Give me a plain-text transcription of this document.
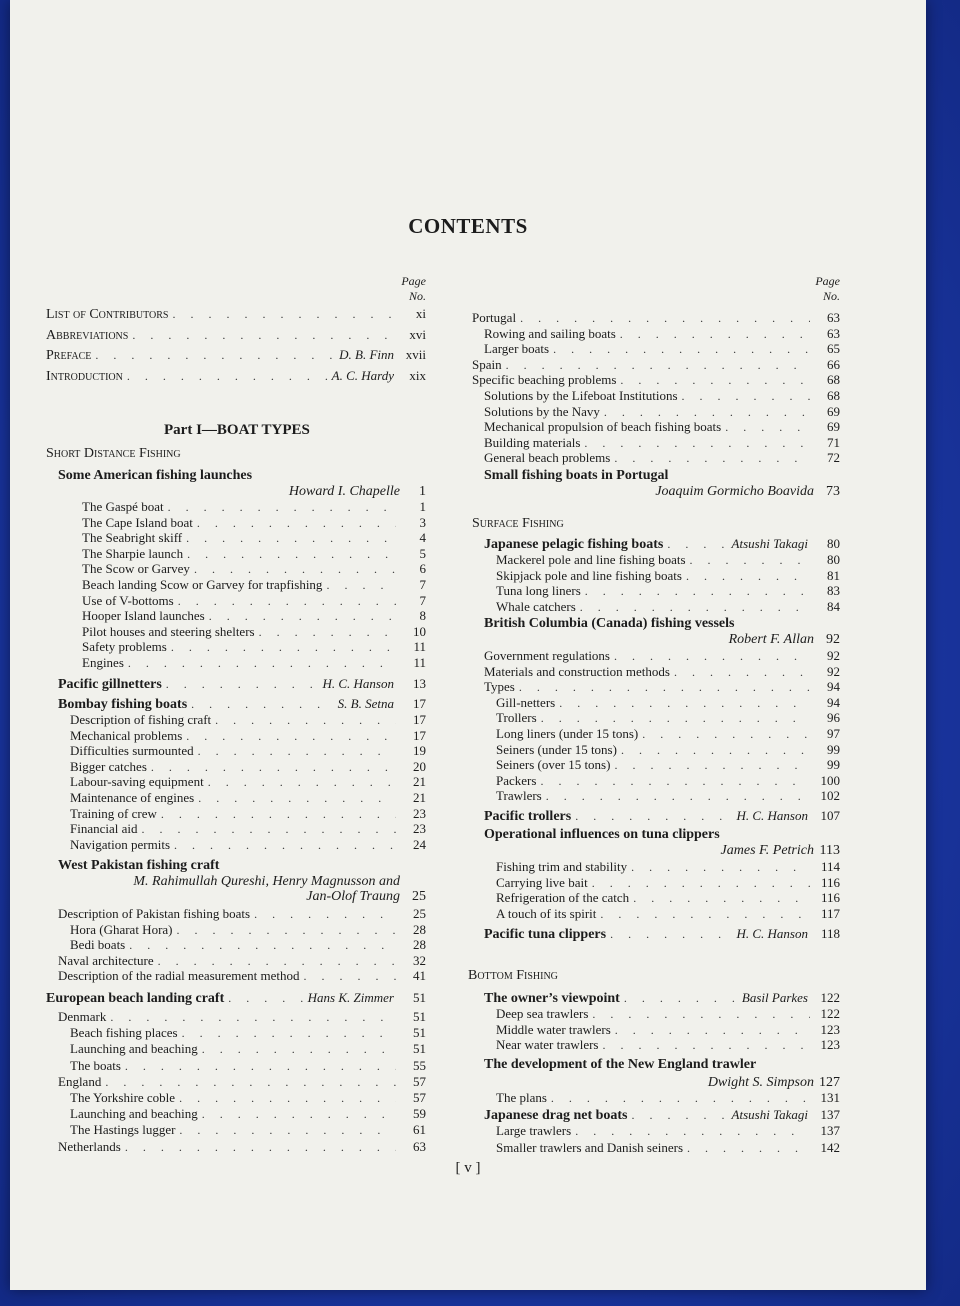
CONTENTS
Page
No.
List of Contributors . . .	xi
Abbreviations . . .	xvi
Preface . . .	D. B. Finn xvii
Introduction . . .	A. C. Hardy	xix
Part I—BOAT TYPES
Short Distance Fishing
Some American fishing launches
Howard I. Chapelle 1
The Gaspé boat . . .	1
The Cape Island boat . . .	3
The Seabright skiff . . .	4
The Sharpie launch . . .	5
The Scow or Garvey . . .	6
Beach landing Scow or Garvey for trapfishing . . .	7
Use of V-bottoms . . .	7
Hooper Island launches . . .	8
Pilot houses and steering shelters . . .	10
Safety problems . . .	11
Engines . . .	11
Pacific gillnetters . . .	H. C. Hanson	13
Bombay fishing boats . . .	S. B. Setna	17
Description of fishing craft . . .	17
Mechanical problems . . .	17
Difficulties surmounted . . .	19
Bigger catches . . .	20
Labour-saving equipment . . .	21
Maintenance of engines . . .	21
Training of crew . . .	23
Financial aid . . .	23
Navigation permits . . .	24
West Pakistan fishing craft
M. Rahimullah Qureshi, Henry Magnusson and
Jan-Olof Traung 25
Description of Pakistan fishing boats . . .	25
Hora (Gharat Hora) . . .	28
Bedi boats . . .	28
Naval architecture . . .	32
Description of the radial measurement method . . .	41
European beach landing craft . . .	Hans K. Zimmer	51
Denmark . . .	51
Beach fishing places . . .	51
Launching and beaching . . .	51
The boats . . .	55
England . . .	57
The Yorkshire coble . . .	57
Launching and beaching . . .	59
The Hastings lugger . . .	61
Netherlands . . .	63
Page
No.
Portugal . . .	63
Rowing and sailing boats . . .	63
Larger boats . . .	65
Spain . . .	66
Specific beaching problems . . .	68
Solutions by the Lifeboat Institutions . . .	68
Solutions by the Navy . . .	69
Mechanical propulsion of beach fishing boats . . .	69
Building materials . . .	71
General beach problems . . .	72
Small fishing boats in Portugal
Joaquim Gormicho Boavida 73
Surface Fishing
Japanese pelagic fishing boats . . .	Atsushi Takagi	80
Mackerel pole and line fishing boats . . .	80
Skipjack pole and line fishing boats . . .	81
Tuna long liners . . .	83
Whale catchers . . .	84
British Columbia (Canada) fishing vessels
Robert F. Allan 92
Government regulations . . .	92
Materials and construction methods . . .	92
Types . . .	94
Gill-netters . . .	94
Trollers . . .	96
Long liners (under 15 tons) . . .	97
Seiners (under 15 tons) . . .	99
Seiners (over 15 tons) . . .	99
Packers . . .	100
Trawlers . . .	102
Pacific trollers . . .	H. C. Hanson 107
Operational influences on tuna clippers
James F. Petrich 113
Fishing trim and stability . . .	114
Carrying live bait . . .	116
Refrigeration of the catch . . .	116
A touch of its spirit . . .	117
Pacific tuna clippers . . .	H. C. Hanson 118
Bottom Fishing
The owner’s viewpoint . . .	Basil Parkes 122
Deep sea trawlers . . .	122
Middle water trawlers . . .	123
Near water trawlers . . .	123
The development of the New England trawler
Dwight S. Simpson 127
The plans . . .	131
Japanese drag net boats . . .	Atsushi Takagi 137
Large trawlers . . .	137
Smaller trawlers and Danish seiners . . .	142
[ v ]
